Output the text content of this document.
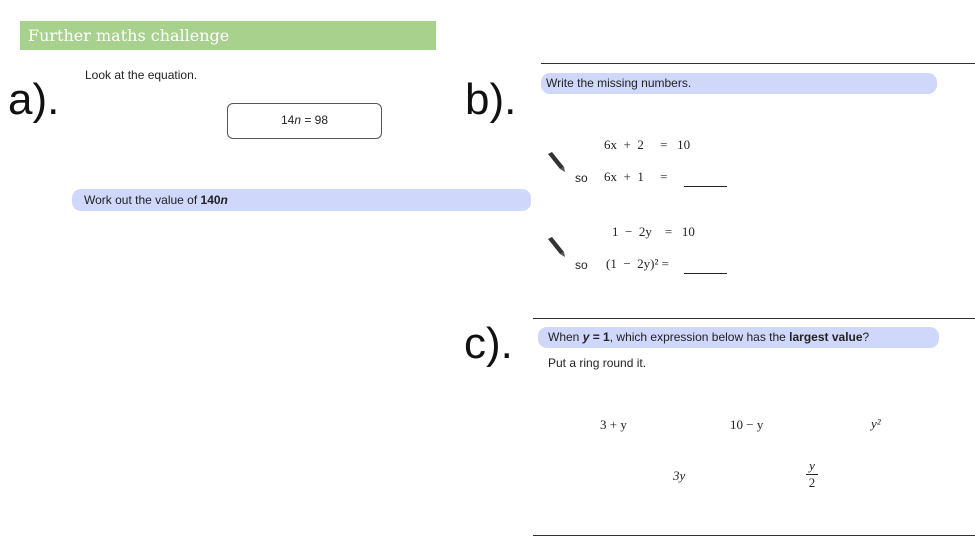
Further maths challenge
a). Look at the equation.
14n = 98
Work out the value of 140n
b).	Write the missing numbers.
6x  +  2     =   10
so 6x  +  1     =
1  −  2y    =   10
so (1  −  2y)² =
c).	When y = 1, which expression below has the largest value?
Put a ring round it.
3 + y	10 − y	y²
3y
y
2
